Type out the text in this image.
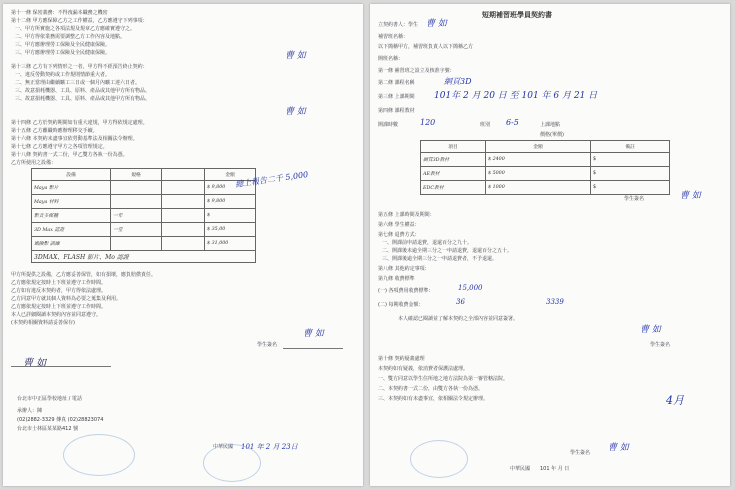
第十一條 保密義務：不得洩漏本職務之機密
第十二條 甲方應保障乙方之工作權益，乙方應遵守下列事項：
一、甲方所實施之各項法規及規章乙方應確實遵守之。
二、甲方得依業務需要調整乙方工作內容及地點。
三、甲方應辦理勞工保險及全民健康保險。
三、甲方應辦理勞工保險及全民健康保險。	曹 如
第十三條 乙方有下列情形之一者，甲方得不經預告終止契約：
一、違反勞動契約或工作規則情節重大者。
二、無正當理由繼續曠工三日或一個月內曠工達六日者。
三、故意損耗機器、工具、原料、產品或其他甲方所有物品。
三、故意損耗機器、工具、原料、產品或其他甲方所有物品。
曹 如
第十四條 乙方於契約期間如有重大違規，甲方得依規定處理。
第十五條 乙方離職時應辦理移交手續。
第十六條 本契約未盡事宜依勞動基準法及相關法令辦理。
第十七條 乙方應遵守甲方之各項管理規定。
第十八條 契約書一式二份，甲乙雙方各執一份為憑。
乙方所使用之設備：
設備	規格		金額
Maya 影片			$ 9,800
Maya 材料			$ 9,800
影音多媒體	一年		$
3D Max 認證	一堂		$ 35,00
風險影 訓練			$ 31,000
3DMAX、FLASH 影片、Mo 認證			
總上報告二千 5,000
甲方所提供之設備，乙方應妥善保管，如有損壞，應負賠償責任。
乙方應依規定按時上下班並遵守工作時間。
乙方如有違反本契約者，甲方得依法處理。
乙方同意甲方就其個人資料為必要之蒐集及利用。
乙方應依規定按時上下班並遵守工作時間。
本人已詳細閱讀本契約內容並同意遵守。
(本契約相關資料請妥善保存)
曹 如
學生簽名
曹 如
台北市中正區學校地址 / 電話
承辦人：陳
(02)2882-3329 傳真 (02)28823074
台北市士林區某某路412 號
中華民國 101 年 2 月 23日
短期補習班學員契約書
立契約書人：學生 曹 如
補習班名稱：
以下簡稱甲方，補習班負責人以下簡稱乙方
開班名稱：
第一條 補習班之設立及核准字號：
第二條 課程名稱	網頁3D
第三條 上課期間 101年 2 月 20 日 至 101 年 6 月 21 日
第四條 課程教材
開課時數	120	班別 6-5	上課地點
價格(單價)
項目	金額	備註
網頁3D教材	$ 2400	$
AE教材	$ 5000	$
EDC教材	$ 1000	$
學生簽名	曹 如
第五條 上課時間及期間：
第六條 學生權益：
第七條 退費方式：
一、開課前申請退費，退還百分之九十。
二、開課後未逾全期三分之一申請退費，退還百分之五十。
三、開課後逾全期三分之一申請退費者，不予退還。
第八條 其他約定事項：
第九條 收費標準
(一) 各項費用收費標準：	15,000
(二) 每期收費金額：	36	3339
本人確認已閱讀並了解本契約之全部內容並同意簽署。
曹 如
學生簽名
第十條 契約疑義處理
本契約如有疑義，依消費者保護法處理。
一、雙方同意以學生住所地之地方法院為第一審管轄法院。
二、本契約書一式二份，由雙方各執一份為憑。
三、本契約如有未盡事宜，依相關法令規定辦理。	4月
學生簽名 曹 如
中華民國 101 年 月 日
